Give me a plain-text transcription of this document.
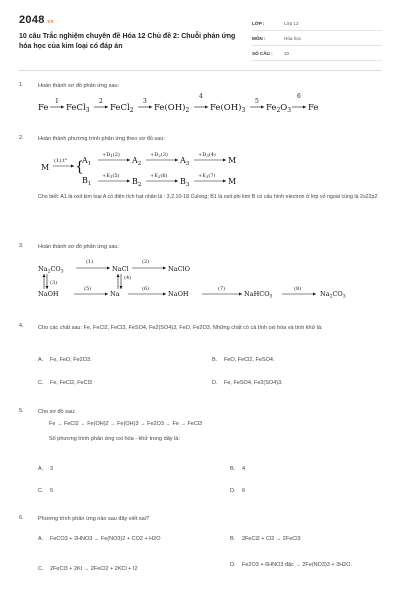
2048.vn
10 câu Trắc nghiệm chuyên đề Hóa 12 Chủ đề 2: Chuỗi phản ứng hóa học của kim loại có đáp án
LỚP :	Lớp 12
MÔN :	Hóa học
SỐ CÂU :	10
1.	Hoàn thành sơ đồ phản ứng sau:
Fe FeCl$_3$ FeCl$_2$ $Fe(OH)_2$ $Fe(OH)_3$ $Fe_2O_3$ Fe
1	2	3
4
5
6
2.	Hoàn thành phương trình phản ứng theo sơ đồ sau:
M
(1),t° {
$A_1$
$B_1$
$+D_1(2)$
$A_2$
$+D_2(3)$
$A_3$
$+D_3(4)$
M
$+E_1(5)$
$B_2$
$+E_2(6)$
$B_3$
$+E_3(7)$
M
Cho biết: A1 là oxit kim loại A có điện tích hạt nhân là : 3,2.10-18 Culong; B1 là oxit phi kim B có cấu hình electron ở lớp vỏ ngoài cùng là 2s22p2
3.	Hoàn thành sơ đồ phản ứng sau:
$Na_2CO_3$
(1)
NaCl
(2)
NaClO
(3)
(4)
NaOH
(5)
Na
(6)
NaOH
(7)
NaHCO$_3$
(8)
$Na_2CO_3$
4.	Cho các chất sau: Fe, FeCl2, FeCl3, FeSO4, Fe2(SO4)3, FeO, Fe2O3. Những chất có cả tính oxi hóa và tính khử là:
A. Fe, FeO, Fe2O3.	B. FeO, FeCl2, FeSO4.
C. Fe, FeCl2, FeCl3	D. Fe, FeSO4, Fe2(SO4)3.
5.	Cho sơ đồ sau:
Fe → FeCl2 → Fe(OH)2 → Fe(OH)3 → Fe2O3 → Fe → FeCl3
Số phương trình phản ứng oxi hóa - khử trong dãy là:
A. 3	B. 4
C. 5	D. 6
6.	Phương trình phản ứng nào sau đây viết sai?
A. FeCO3 + 2HNO3 → Fe(NO3)2 + CO2 + H2O	B. 2FeCl2 + Cl2 → 2FeCl3
C. 2FeCl3 + 2KI → 2FeCl2 + 2KCl + I2
D. Fe2O3 + 6HNO3 đặc → 2Fe(NO3)3 + 3H2O.
